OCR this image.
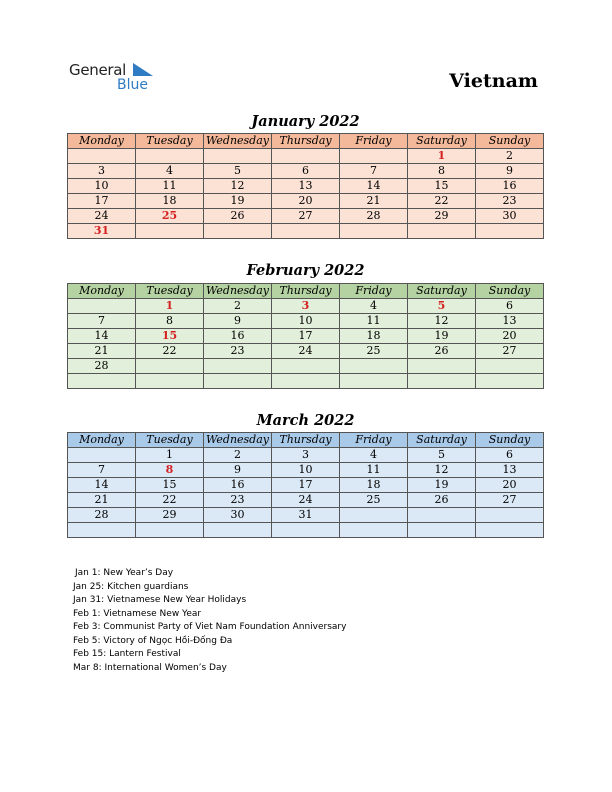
General
Blue	Vietnam
January 2022
Monday	Tuesday	Wednesday	Thursday	Friday	Saturday	Sunday
					1	2
3	4	5	6	7	8	9
10	11	12	13	14	15	16
17	18	19	20	21	22	23
24	25	26	27	28	29	30
31						
February 2022
Monday	Tuesday	Wednesday	Thursday	Friday	Saturday	Sunday
	1	2	3	4	5	6
7	8	9	10	11	12	13
14	15	16	17	18	19	20
21	22	23	24	25	26	27
28						

March 2022
Monday	Tuesday	Wednesday	Thursday	Friday	Saturday	Sunday
	1	2	3	4	5	6
7	8	9	10	11	12	13
14	15	16	17	18	19	20
21	22	23	24	25	26	27
28	29	30	31			

Jan 1: New Year’s Day
Jan 25: Kitchen guardians
Jan 31: Vietnamese New Year Holidays
Feb 1: Vietnamese New Year
Feb 3: Communist Party of Viet Nam Foundation Anniversary
Feb 5: Victory of Ngọc Hồi-Đống Đa
Feb 15: Lantern Festival
Mar 8: International Women’s Day
